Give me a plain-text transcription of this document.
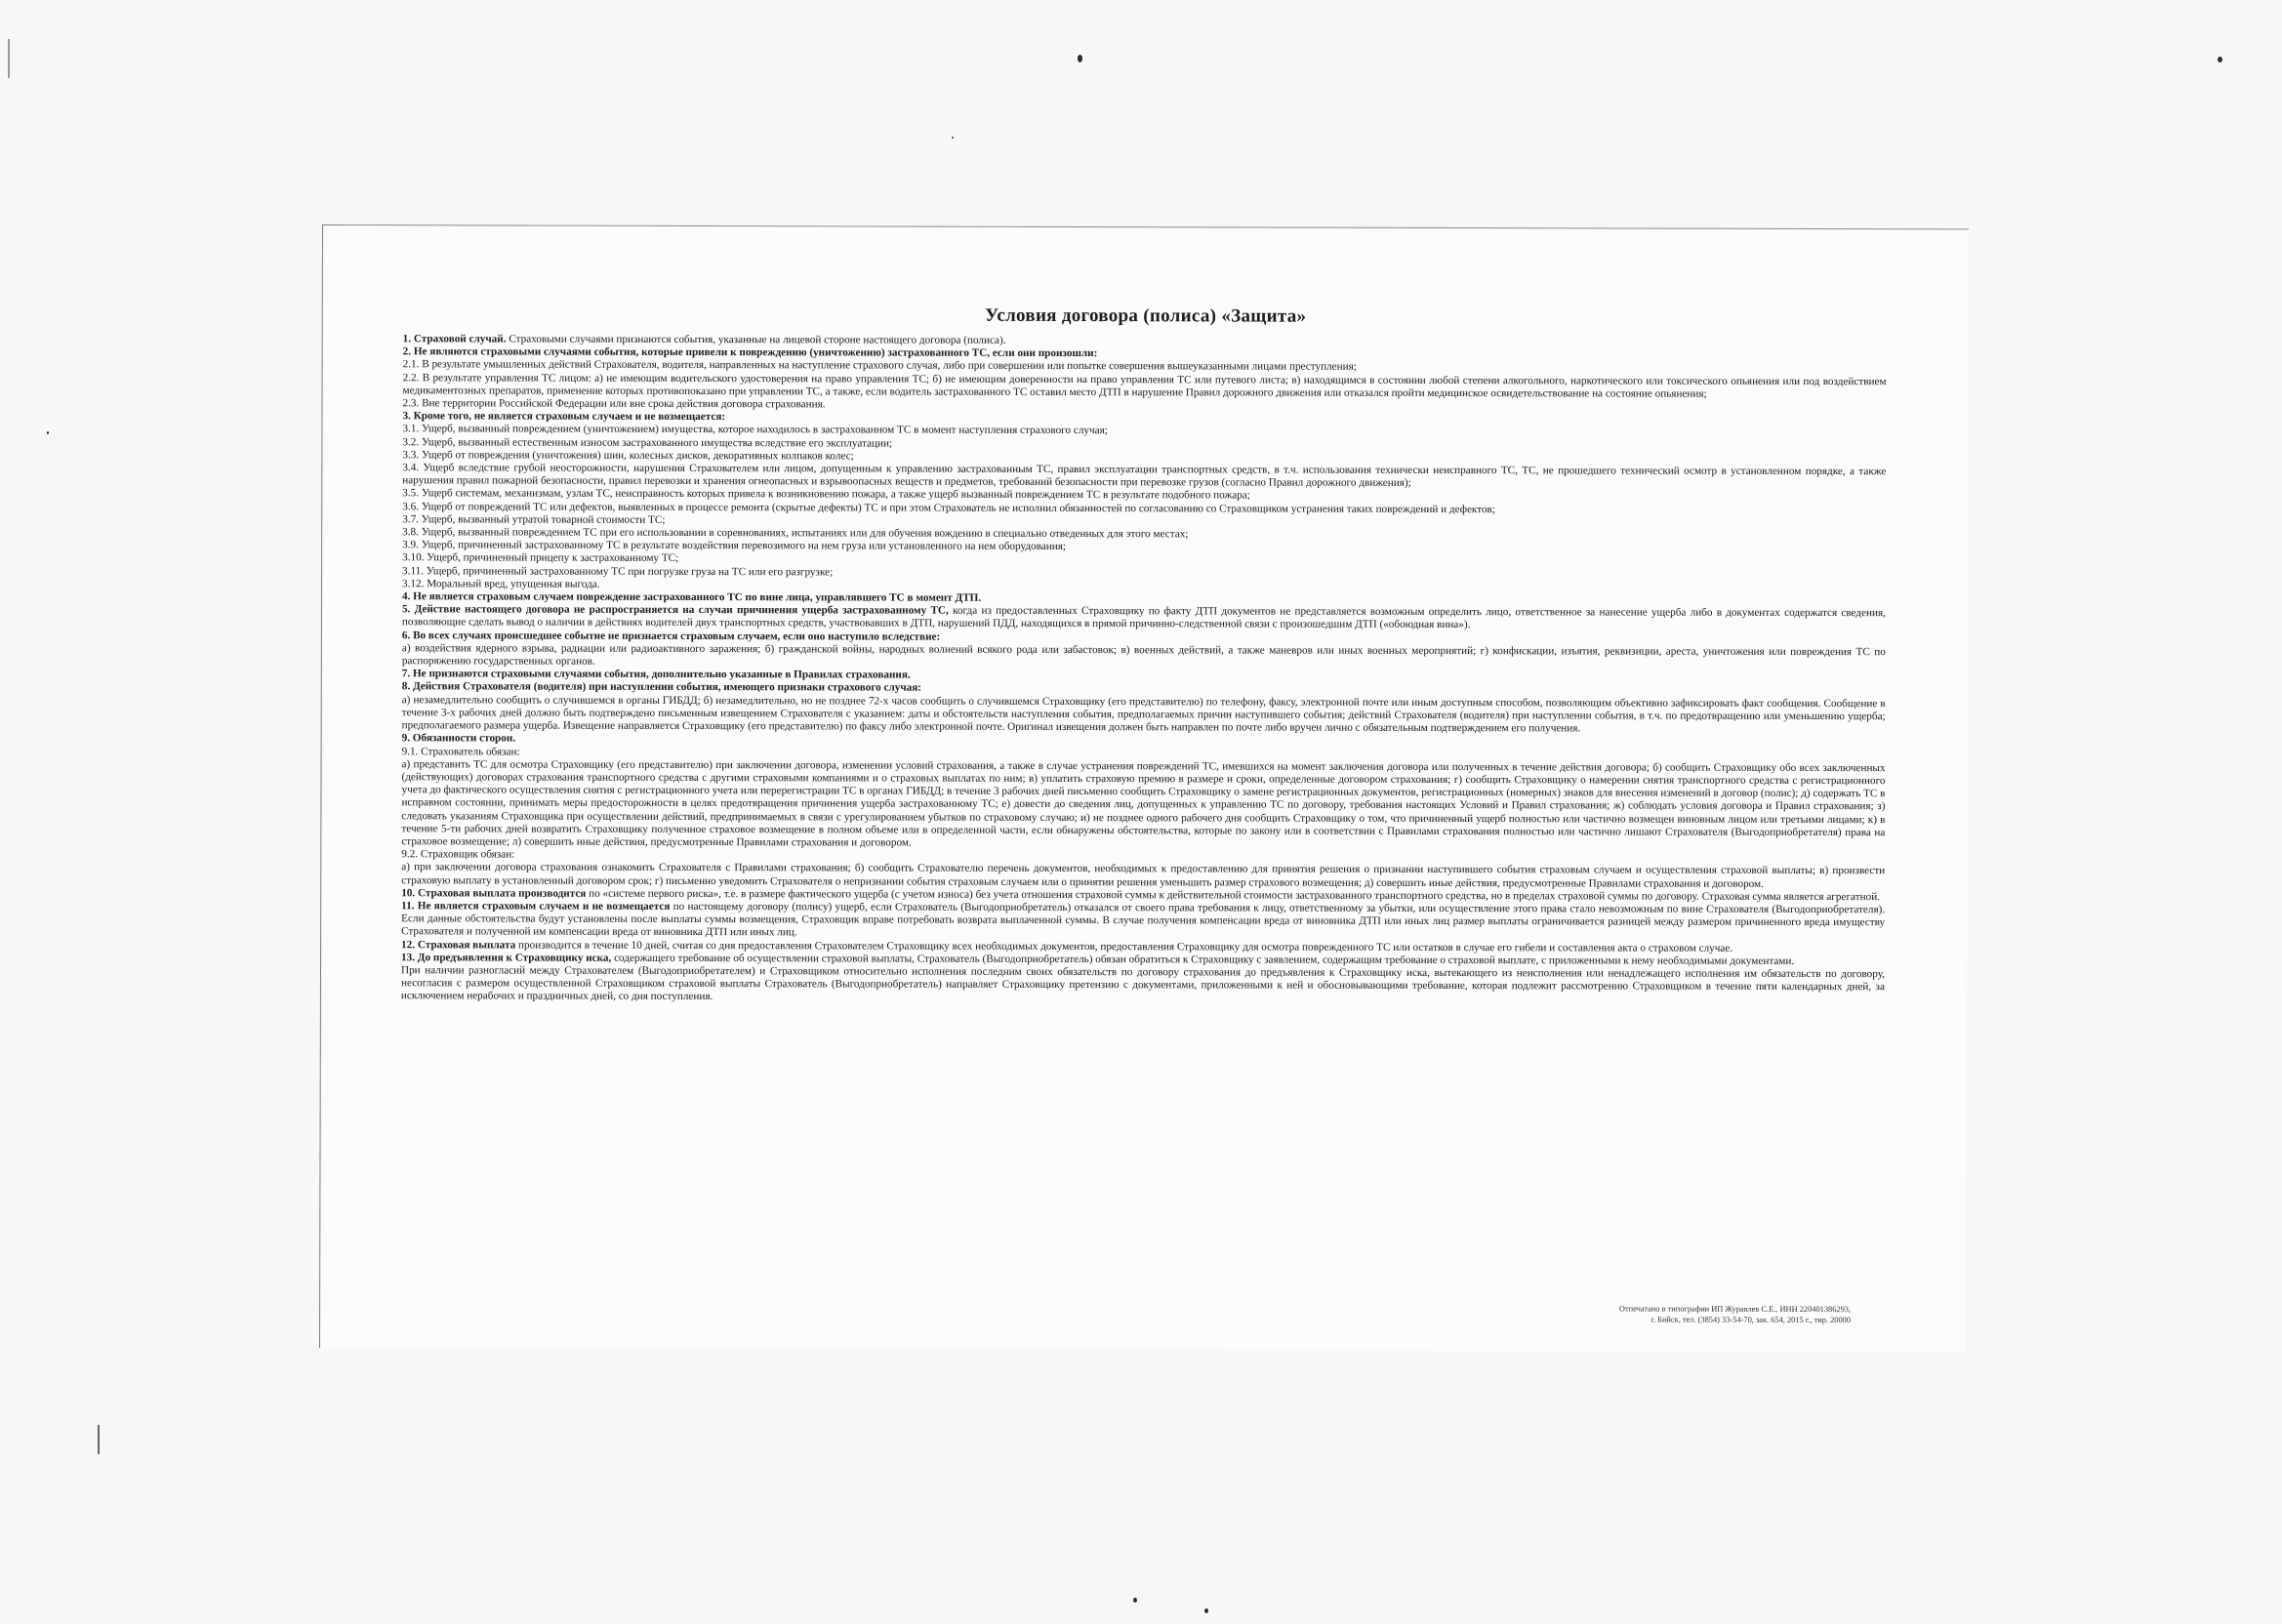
Условия договора (полиса) «Защита»

1. Страховой случай. Страховыми случаями признаются события, указанные на лицевой стороне настоящего договора (полиса).

2. Не являются страховыми случаями события, которые привели к повреждению (уничтожению) застрахованного ТС, если они произошли:

2.1. В результате умышленных действий Страхователя, водителя, направленных на наступление страхового случая, либо при совершении или попытке совершения вышеуказанными лицами преступления;

2.2. В результате управления ТС лицом: а) не имеющим водительского удостоверения на право управления ТС; б) не имеющим доверенности на право управления ТС или путевого листа; в) находящимся в состоянии любой степени алкогольного, наркотического или токсического опьянения или под воздействием медикаментозных препаратов, применение которых противопоказано при управлении ТС, а также, если водитель застрахованного ТС оставил место ДТП в нарушение Правил дорожного движения или отказался пройти медицинское освидетельствование на состояние опьянения;

2.3. Вне территории Российской Федерации или вне срока действия договора страхования.

3. Кроме того, не является страховым случаем и не возмещается:

3.1. Ущерб, вызванный повреждением (уничтожением) имущества, которое находилось в застрахованном ТС в момент наступления страхового случая;

3.2. Ущерб, вызванный естественным износом застрахованного имущества вследствие его эксплуатации;

3.3. Ущерб от повреждения (уничтожения) шин, колесных дисков, декоративных колпаков колес;

3.4. Ущерб вследствие грубой неосторожности, нарушения Страхователем или лицом, допущенным к управлению застрахованным ТС, правил эксплуатации транспортных средств, в т.ч. использования технически неисправного ТС, ТС, не прошедшего технический осмотр в установленном порядке, а также нарушения правил пожарной безопасности, правил перевозки и хранения огнеопасных и взрывоопасных веществ и предметов, требований безопасности при перевозке грузов (согласно Правил дорожного движения);

3.5. Ущерб системам, механизмам, узлам ТС, неисправность которых привела к возникновению пожара, а также ущерб вызванный повреждением ТС в результате подобного пожара;

3.6. Ущерб от повреждений ТС или дефектов, выявленных в процессе ремонта (скрытые дефекты) ТС и при этом Страхователь не исполнил обязанностей по согласованию со Страховщиком устранения таких повреждений и дефектов;

3.7. Ущерб, вызванный утратой товарной стоимости ТС;

3.8. Ущерб, вызванный повреждением ТС при его использовании в соревнованиях, испытаниях или для обучения вождению в специально отведенных для этого местах;

3.9. Ущерб, причиненный застрахованному ТС в результате воздействия перевозимого на нем груза или установленного на нем оборудования;

3.10. Ущерб, причиненный прицепу к застрахованному ТС;

3.11. Ущерб, причиненный застрахованному ТС при погрузке груза на ТС или его разгрузке;

3.12. Моральный вред, упущенная выгода.

4. Не является страховым случаем повреждение застрахованного ТС по вине лица, управлявшего ТС в момент ДТП.

5. Действие настоящего договора не распространяется на случаи причинения ущерба застрахованному ТС, когда из предоставленных Страховщику по факту ДТП документов не представляется возможным определить лицо, ответственное за нанесение ущерба либо в документах содержатся сведения, позволяющие сделать вывод о наличии в действиях водителей двух транспортных средств, участвовавших в ДТП, нарушений ПДД, находящихся в прямой причинно-следственной связи с произошедшим ДТП («обоюдная вина»).

6. Во всех случаях происшедшее событие не признается страховым случаем, если оно наступило вследствие:

а) воздействия ядерного взрыва, радиации или радиоактивного заражения; б) гражданской войны, народных волнений всякого рода или забастовок; в) военных действий, а также маневров или иных военных мероприятий; г) конфискации, изъятия, реквизиции, ареста, уничтожения или повреждения ТС по распоряжению государственных органов.

7. Не признаются страховыми случаями события, дополнительно указанные в Правилах страхования.

8. Действия Страхователя (водителя) при наступлении события, имеющего признаки страхового случая:

а) незамедлительно сообщить о случившемся в органы ГИБДД; б) незамедлительно, но не позднее 72-х часов сообщить о случившемся Страховщику (его представителю) по телефону, факсу, электронной почте или иным доступным способом, позволяющим объективно зафиксировать факт сообщения. Сообщение в течение 3-х рабочих дней должно быть подтверждено письменным извещением Страхователя с указанием: даты и обстоятельств наступления события, предполагаемых причин наступившего события; действий Страхователя (водителя) при наступлении события, в т.ч. по предотвращению или уменьшению ущерба; предполагаемого размера ущерба. Извещение направляется Страховщику (его представителю) по факсу либо электронной почте. Оригинал извещения должен быть направлен по почте либо вручен лично с обязательным подтверждением его получения.

9. Обязанности сторон.

9.1. Страхователь обязан:

а) представить ТС для осмотра Страховщику (его представителю) при заключении договора, изменении условий страхования, а также в случае устранения повреждений ТС, имевшихся на момент заключения договора или полученных в течение действия договора; б) сообщить Страховщику обо всех заключенных (действующих) договорах страхования транспортного средства с другими страховыми компаниями и о страховых выплатах по ним; в) уплатить страховую премию в размере и сроки, определенные договором страхования; г) сообщить Страховщику о намерении снятия транспортного средства с регистрационного учета до фактического осуществления снятия с регистрационного учета или перерегистрации ТС в органах ГИБДД; в течение 3 рабочих дней письменно сообщить Страховщику о замене регистрационных документов, регистрационных (номерных) знаков для внесения изменений в договор (полис); д) содержать ТС в исправном состоянии, принимать меры предосторожности в целях предотвращения причинения ущерба застрахованному ТС; е) довести до сведения лиц, допущенных к управлению ТС по договору, требования настоящих Условий и Правил страхования; ж) соблюдать условия договора и Правил страхования; з) следовать указаниям Страховщика при осуществлении действий, предпринимаемых в связи с урегулированием убытков по страховому случаю; и) не позднее одного рабочего дня сообщить Страховщику о том, что причиненный ущерб полностью или частично возмещен виновным лицом или третьими лицами; к) в течение 5-ти рабочих дней возвратить Страховщику полученное страховое возмещение в полном объеме или в определенной части, если обнаружены обстоятельства, которые по закону или в соответствии с Правилами страхования полностью или частично лишают Страхователя (Выгодоприобретателя) права на страховое возмещение; л) совершить иные действия, предусмотренные Правилами страхования и договором.

9.2. Страховщик обязан:

а) при заключении договора страхования ознакомить Страхователя с Правилами страхования; б) сообщить Страхователю перечень документов, необходимых к предоставлению для принятия решения о признании наступившего события страховым случаем и осуществления страховой выплаты; в) произвести страховую выплату в установленный договором срок; г) письменно уведомить Страхователя о непризнании события страховым случаем или о принятии решения уменьшить размер страхового возмещения; д) совершить иные действия, предусмотренные Правилами страхования и договором.

10. Страховая выплата производится по «системе первого риска», т.е. в размере фактического ущерба (с учетом износа) без учета отношения страховой суммы к действительной стоимости застрахованного транспортного средства, но в пределах страховой суммы по договору. Страховая сумма является агрегатной.

11. Не является страховым случаем и не возмещается по настоящему договору (полису) ущерб, если Страхователь (Выгодоприобретатель) отказался от своего права требования к лицу, ответственному за убытки, или осуществление этого права стало невозможным по вине Страхователя (Выгодоприобретателя). Если данные обстоятельства будут установлены после выплаты суммы возмещения, Страховщик вправе потребовать возврата выплаченной суммы. В случае получения компенсации вреда от виновника ДТП или иных лиц размер выплаты ограничивается разницей между размером причиненного вреда имуществу Страхователя и полученной им компенсации вреда от виновника ДТП или иных лиц.

12. Страховая выплата производится в течение 10 дней, считая со дня предоставления Страхователем Страховщику всех необходимых документов, предоставления Страховщику для осмотра поврежденного ТС или остатков в случае его гибели и составления акта о страховом случае.

13. До предъявления к Страховщику иска, содержащего требование об осуществлении страховой выплаты, Страхователь (Выгодоприобретатель) обязан обратиться к Страховщику с заявлением, содержащим требование о страховой выплате, с приложенными к нему необходимыми документами.

При наличии разногласий между Страхователем (Выгодоприобретателем) и Страховщиком относительно исполнения последним своих обязательств по договору страхования до предъявления к Страховщику иска, вытекающего из неисполнения или ненадлежащего исполнения им обязательств по договору, несогласия с размером осуществленной Страховщиком страховой выплаты Страхователь (Выгодоприобретатель) направляет Страховщику претензию с документами, приложенными к ней и обосновывающими требование, которая подлежит рассмотрению Страховщиком в течение пяти календарных дней, за исключением нерабочих и праздничных дней, со дня поступления.

Отпечатано в типографии ИП Журавлев С.Е., ИНН 220401386293,
г. Бийск, тел. (3854) 33-54-70, зак. 654, 2015 г., тир. 20000
